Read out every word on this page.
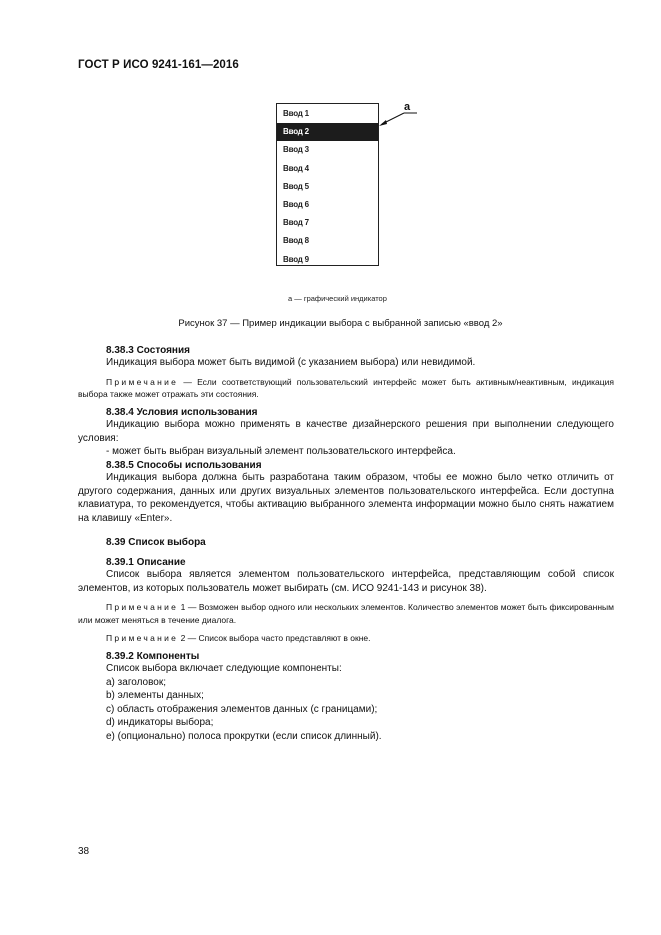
ГОСТ Р ИСО 9241-161—2016
Ввод 1
Ввод 2
Ввод 3
Ввод 4
Ввод 5
Ввод 6
Ввод 7
Ввод 8
Ввод 9
a
a — графический индикатор
Рисунок 37 — Пример индикации выбора с выбранной записью «ввод 2»
8.38.3 Состояния

Индикация выбора может быть видимой (с указанием выбора) или невидимой.

Примечание — Если соответствующий пользовательский интерфейс может быть активным/неактивным, индикация выбора также может отражать эти состояния.

8.38.4 Условия использования

Индикацию выбора можно применять в качестве дизайнерского решения при выполнении следующего условия:

- может быть выбран визуальный элемент пользовательского интерфейса.

8.38.5 Способы использования

Индикация выбора должна быть разработана таким образом, чтобы ее можно было четко отличить от другого содержания, данных или других визуальных элементов пользовательского интерфейса. Если доступна клавиатура, то рекомендуется, чтобы активацию выбранного элемента информации можно было снять нажатием на клавишу «Enter».

8.39 Список выбора
8.39.1 Описание

Список выбора является элементом пользовательского интерфейса, представляющим собой список элементов, из которых пользователь может выбирать (см. ИСО 9241-143 и рисунок 38).

Примечание 1 — Возможен выбор одного или нескольких элементов. Количество элементов может быть фиксированным или может меняться в течение диалога.

Примечание 2 — Список выбора часто представляют в окне.

8.39.2 Компоненты

Список выбора включает следующие компоненты:

а) заголовок;

b) элементы данных;

c) область отображения элементов данных (с границами);

d) индикаторы выбора;

e) (опционально) полоса прокрутки (если список длинный).

38
